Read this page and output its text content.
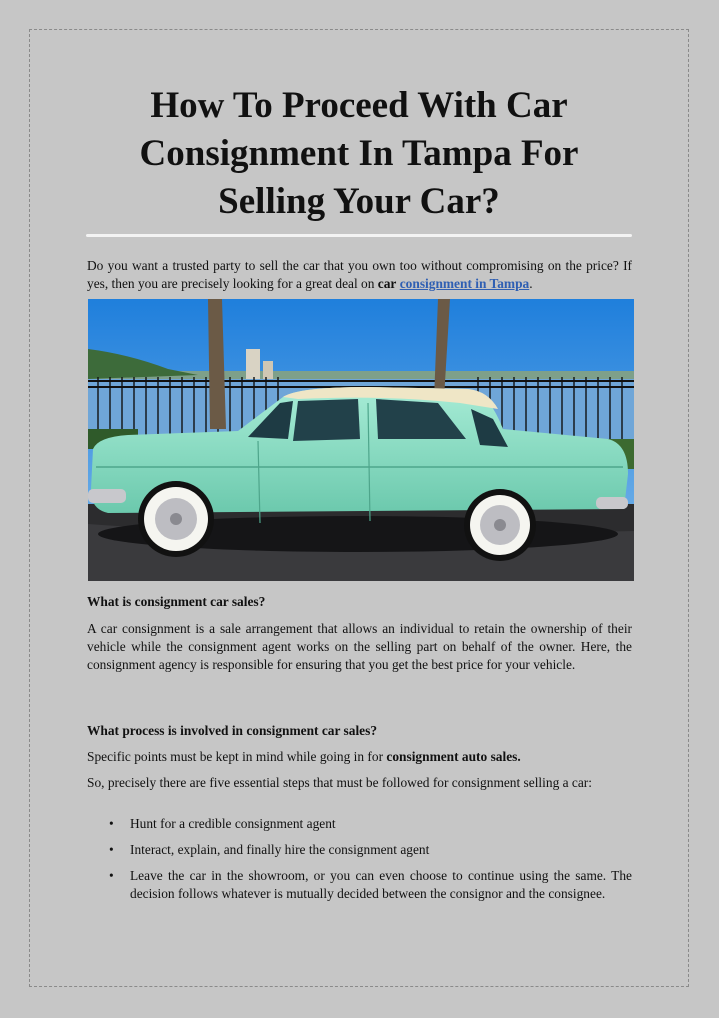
How To Proceed With Car Consignment In Tampa For Selling Your Car?

Do you want a trusted party to sell the car that you own too without compromising on the price? If yes, then you are precisely looking for a great deal on car consignment in Tampa.

What is consignment car sales?

A car consignment is a sale arrangement that allows an individual to retain the ownership of their vehicle while the consignment agent works on the selling part on behalf of the owner. Here, the consignment agency is responsible for ensuring that you get the best price for your vehicle.

What process is involved in consignment car sales?

Specific points must be kept in mind while going in for consignment auto sales.

So, precisely there are five essential steps that must be followed for consignment selling a car:

• Hunt for a credible consignment agent
• Interact, explain, and finally hire the consignment agent
• Leave the car in the showroom, or you can even choose to continue using the same. The decision follows whatever is mutually decided between the consignor and the consignee.
